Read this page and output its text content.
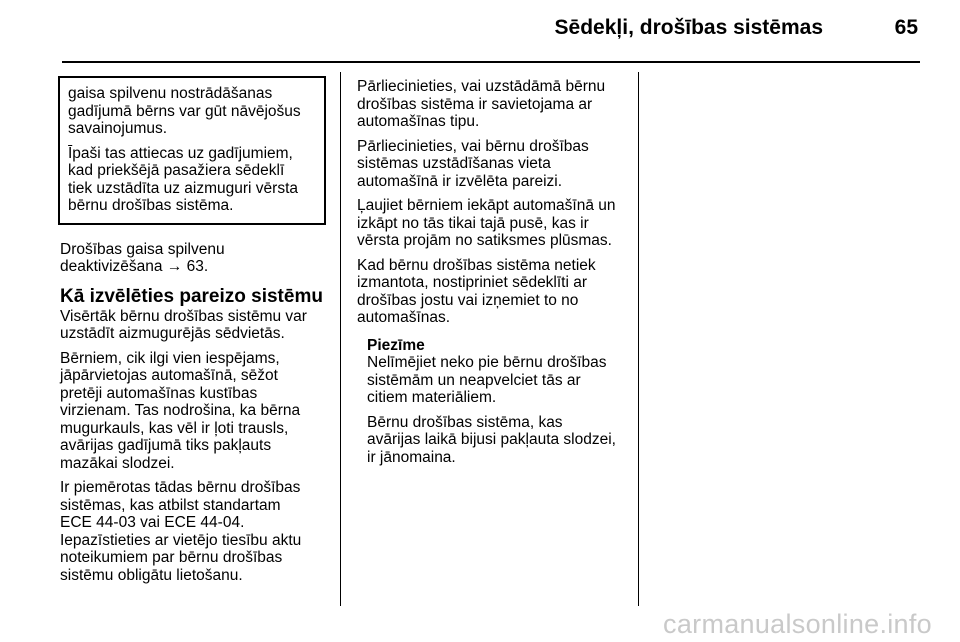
Sēdekļi, drošības sistēmas	65

gaisa spilvenu nostrādāšanas
gadījumā bērns var gūt nāvējošus
savainojumus.

Īpaši tas attiecas uz gadījumiem,
kad priekšējā pasažiera sēdeklī
tiek uzstādīta uz aizmuguri vērsta
bērnu drošības sistēma.

Drošības gaisa spilvenu
deaktivizēšana → 63.

Kā izvēlēties pareizo sistēmu

Visērtāk bērnu drošības sistēmu var
uzstādīt aizmugurējās sēdvietās.

Bērniem, cik ilgi vien iespējams,
jāpārvietojas automašīnā, sēžot
pretēji automašīnas kustības
virzienam. Tas nodrošina, ka bērna
mugurkauls, kas vēl ir ļoti trausls,
avārijas gadījumā tiks pakļauts
mazākai slodzei.

Ir piemērotas tādas bērnu drošības
sistēmas, kas atbilst standartam
ECE 44-03 vai ECE 44-04.
Iepazīstieties ar vietējo tiesību aktu
noteikumiem par bērnu drošības
sistēmu obligātu lietošanu.

Pārliecinieties, vai uzstādāmā bērnu
drošības sistēma ir savietojama ar
automašīnas tipu.

Pārliecinieties, vai bērnu drošības
sistēmas uzstādīšanas vieta
automašīnā ir izvēlēta pareizi.

Ļaujiet bērniem iekāpt automašīnā un
izkāpt no tās tikai tajā pusē, kas ir
vērsta projām no satiksmes plūsmas.

Kad bērnu drošības sistēma netiek
izmantota, nostipriniet sēdeklīti ar
drošības jostu vai izņemiet to no
automašīnas.

Piezīme

Nelīmējiet neko pie bērnu drošības
sistēmām un neapvelciet tās ar
citiem materiāliem.

Bērnu drošības sistēma, kas
avārijas laikā bijusi pakļauta slodzei,
ir jānomaina.

carmanualsonline.info
